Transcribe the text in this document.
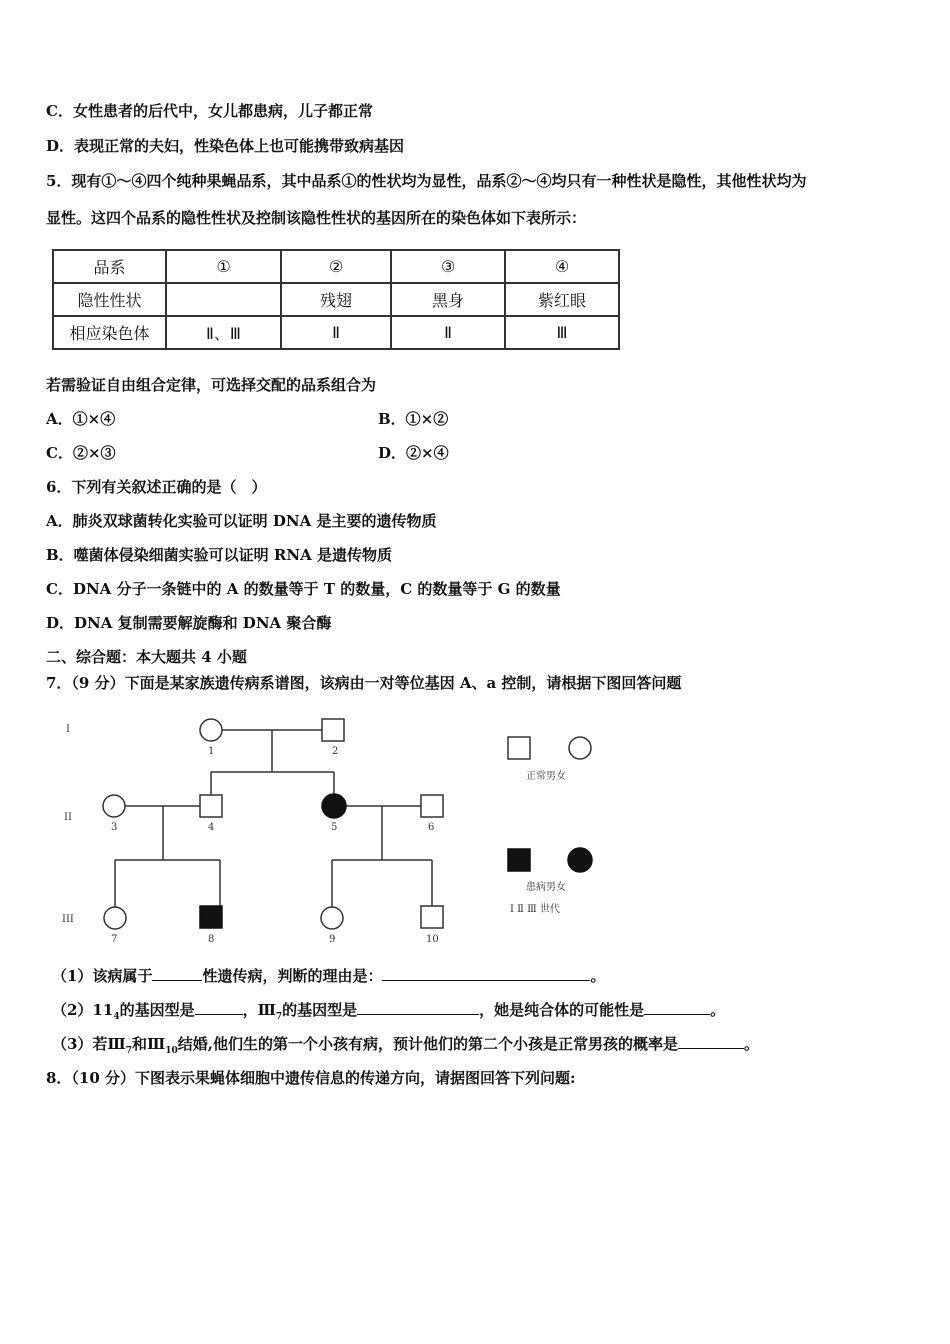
C．女性患者的后代中，女儿都患病，儿子都正常
D．表现正常的夫妇，性染色体上也可能携带致病基因
5．现有①～④四个纯种果蝇品系，其中品系①的性状均为显性，品系②～④均只有一种性状是隐性，其他性状均为
显性。这四个品系的隐性性状及控制该隐性性状的基因所在的染色体如下表所示：
品系	①	②	③	④
隐性性状		残翅	黑身	紫红眼
相应染色体	Ⅱ、Ⅲ	Ⅱ	Ⅱ	Ⅲ
若需验证自由组合定律，可选择交配的品系组合为
A．①×④	B．①×②
C．②×③	D．②×④
6．下列有关叙述正确的是（　）
A．肺炎双球菌转化实验可以证明 DNA 是主要的遗传物质
B．噬菌体侵染细菌实验可以证明 RNA 是遗传物质
C．DNA 分子一条链中的 A 的数量等于 T 的数量，C 的数量等于 G 的数量
D．DNA 复制需要解旋酶和 DNA 聚合酶
二、综合题：本大题共 4 小题
7．（9 分）下面是某家族遗传病系谱图，该病由一对等位基因 A、a 控制，请根据下图回答问题
I
II
III
1	2
3	4	5	6
7	8	9	10
正常男女
患病男女
Ⅰ Ⅱ Ⅲ 世代
（1）该病属于	性遗传病，判断的理由是：	。
$(2)11_4$的基因型是	，$Ⅲ_7$的基因型是	，她是纯合体的可能性是	。
（3）若$Ⅲ_7$和$Ⅲ_{10}$结婚,他们生的第一个小孩有病，预计他们的第二个小孩是正常男孩的概率是	。
8．（10 分）下图表示果蝇体细胞中遗传信息的传递方向，请据图回答下列问题:
